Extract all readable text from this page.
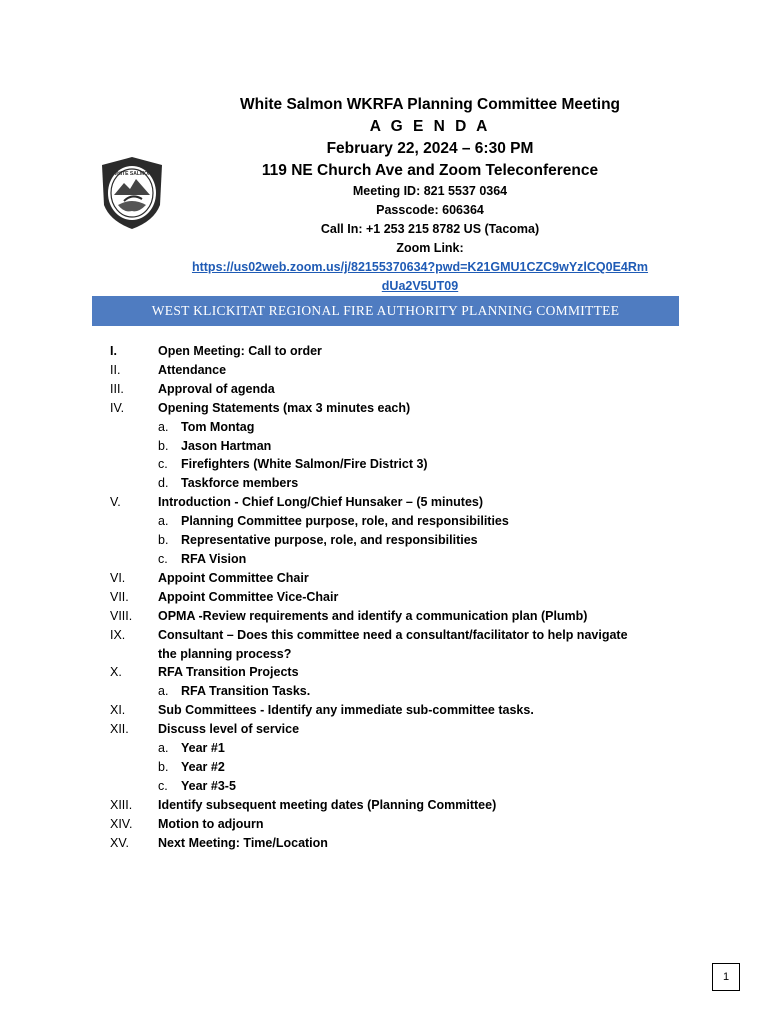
WHITE SALMON
White Salmon WKRFA Planning Committee Meeting
A G E N D A
February 22, 2024 – 6:30 PM
119 NE Church Ave and Zoom Teleconference
Meeting ID: 821 5537 0364
Passcode: 606364
Call In: +1 253 215 8782 US (Tacoma)
Zoom Link:
https://us02web.zoom.us/j/82155370634?pwd=K21GMU1CZC9wYzlCQ0E4Rm
dUa2V5UT09
WEST KLICKITAT REGIONAL FIRE AUTHORITY PLANNING COMMITTEE
I.	Open Meeting: Call to order
II.	Attendance
III.	Approval of agenda
IV.	Opening Statements (max 3 minutes each)
a.	Tom Montag
b.	Jason Hartman
c.	Firefighters (White Salmon/Fire District 3)
d.	Taskforce members
V.	Introduction - Chief Long/Chief Hunsaker – (5 minutes)
a.	Planning Committee purpose, role, and responsibilities
b.	Representative purpose, role, and responsibilities
c.	RFA Vision
VI.	Appoint Committee Chair
VII.	Appoint Committee Vice-Chair
VIII.	OPMA -Review requirements and identify a communication plan (Plumb)
IX.	Consultant – Does this committee need a consultant/facilitator to help navigate
the planning process?
X.	RFA Transition Projects
a.	RFA Transition Tasks.
XI.	Sub Committees - Identify any immediate sub-committee tasks.
XII.	Discuss level of service
a.	Year #1
b.	Year #2
c.	Year #3-5
XIII.	Identify subsequent meeting dates (Planning Committee)
XIV.	Motion to adjourn
XV.	Next Meeting: Time/Location
1
